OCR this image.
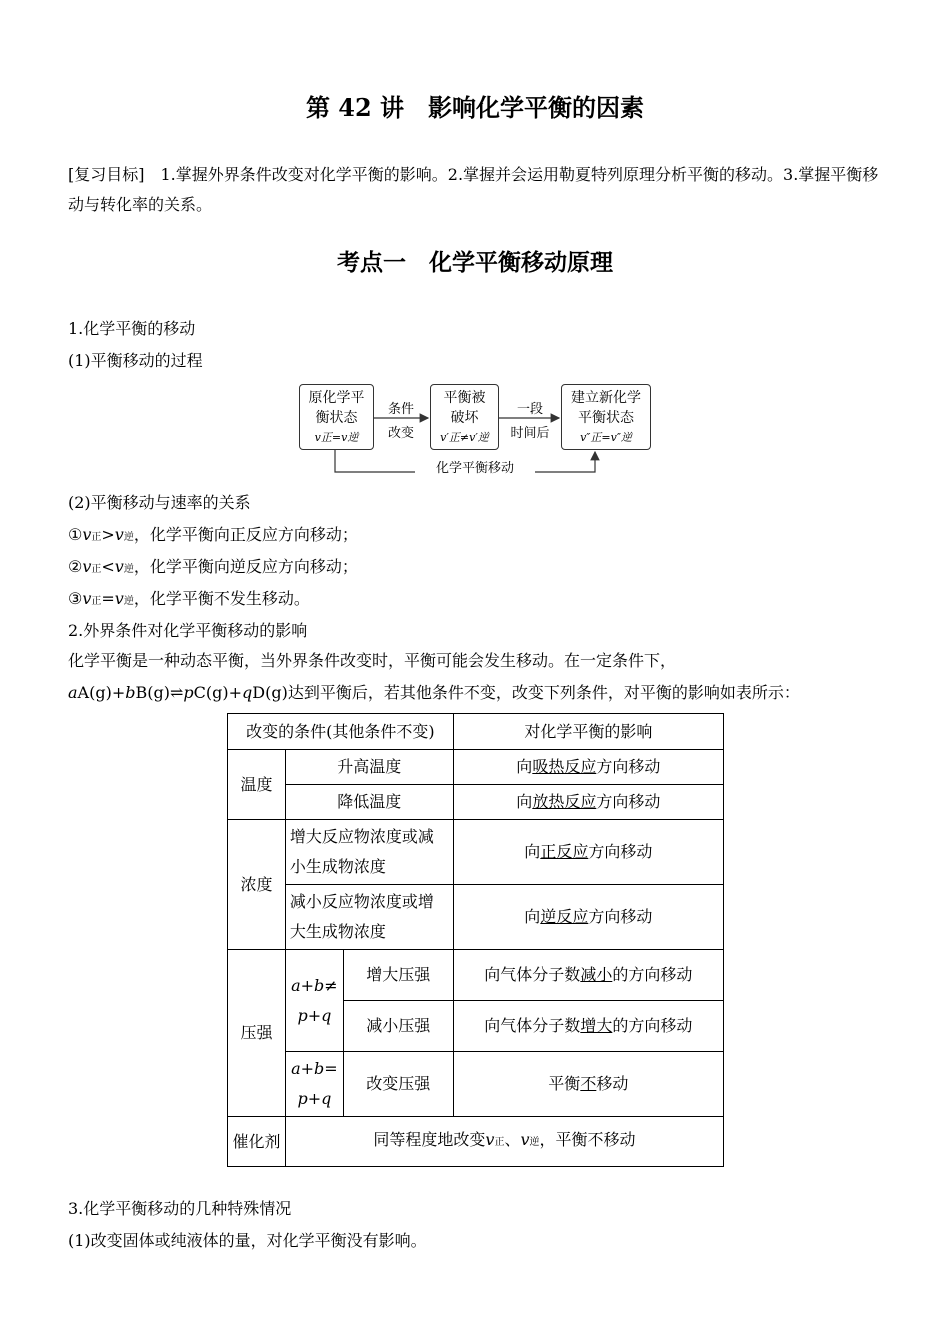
第 42 讲　影响化学平衡的因素
[复习目标]　1.掌握外界条件改变对化学平衡的影响。2.掌握并会运用勒夏特列原理分析平衡的移动。3.掌握平衡移动与转化率的关系。
考点一　化学平衡移动原理
1.化学平衡的移动
(1)平衡移动的过程
原化学平
衡状态
v正=v逆
条件
改变
平衡被
破坏
v′正≠v′逆
一段
时间后
建立新化学
平衡状态
v″正=v″逆
化学平衡移动
(2)平衡移动与速率的关系
①v正>v逆，化学平衡向正反应方向移动；
②v正<v逆，化学平衡向逆反应方向移动；
③v正=v逆，化学平衡不发生移动。
2.外界条件对化学平衡移动的影响
化学平衡是一种动态平衡，当外界条件改变时，平衡可能会发生移动。在一定条件下，aA(g)+bB(g)⇌pC(g)+qD(g)达到平衡后，若其他条件不变，改变下列条件，对平衡的影响如表所示：
改变的条件(其他条件不变)			对化学平衡的影响
温度	升高温度		向吸热反应方向移动
	降低温度		向放热反应方向移动
浓度	增大反应物浓度或减小生成物浓度		向正反应方向移动
	减小反应物浓度或增大生成物浓度		向逆反应方向移动
压强	a+b≠
p+q	增大压强	向气体分子数减小的方向移动
		减小压强	向气体分子数增大的方向移动
	a+b=
p+q	改变压强	平衡不移动
催化剂	同等程度地改变v正、v逆，平衡不移动		
3.化学平衡移动的几种特殊情况
(1)改变固体或纯液体的量，对化学平衡没有影响。
